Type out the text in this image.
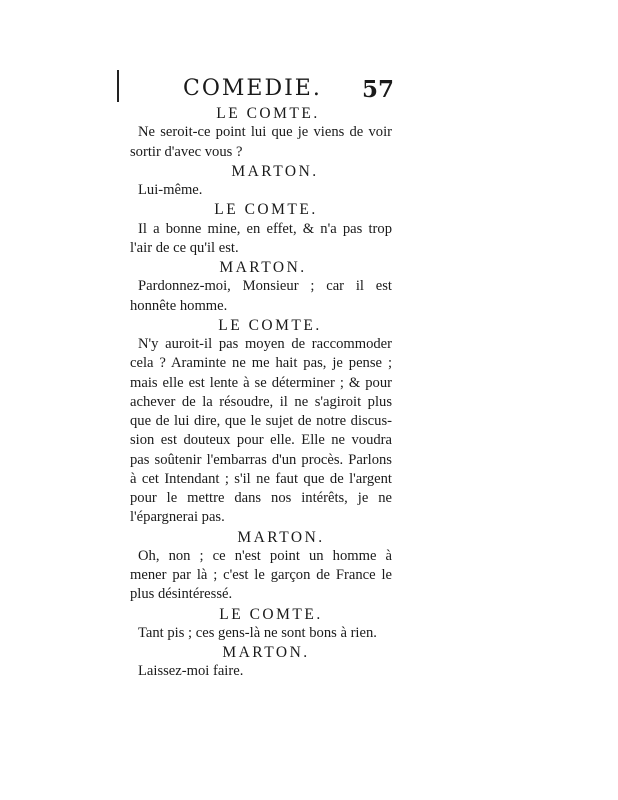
COMEDIE. 57
LE COMTE.
Ne seroit-ce point lui que je viens de voir
sortir d'avec vous ?
MARTON.
Lui-même.
LE COMTE.
Il a bonne mine, en effet, & n'a pas trop
l'air de ce qu'il est.
MARTON.
Pardonnez-moi, Monsieur ; car il est
honnête homme.
LE COMTE.
N'y auroit-il pas moyen de raccommoder
cela ? Araminte ne me hait pas, je pense ;
mais elle est lente à se déterminer ; & pour
achever de la résoudre, il ne s'agiroit plus
que de lui dire, que le sujet de notre discus-
sion est douteux pour elle. Elle ne voudra
pas soûtenir l'embarras d'un procès. Parlons
à cet Intendant ; s'il ne faut que de l'argent
pour le mettre dans nos intérêts, je ne
l'épargnerai pas.
MARTON.
Oh, non ; ce n'est point un homme à
mener par là ; c'est le garçon de France le
plus désintéressé.
LE COMTE.
Tant pis ; ces gens-là ne sont bons à rien.
MARTON.
Laissez-moi faire.
